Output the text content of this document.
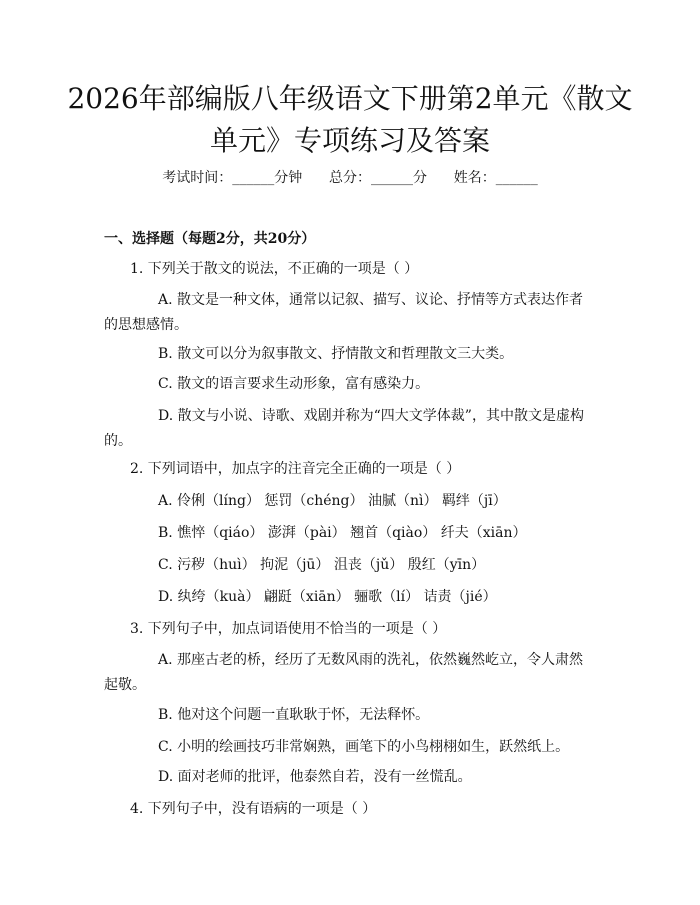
2026年部编版八年级语文下册第2单元《散文单元》专项练习及答案
考试时间：______分钟      总分：______分      姓名：______
一、选择题（每题2分，共20分）
1. 下列关于散文的说法，不正确的一项是（ ）
A. 散文是一种文体，通常以记叙、描写、议论、抒情等方式表达作者的思想感情。
B. 散文可以分为叙事散文、抒情散文和哲理散文三大类。
C. 散文的语言要求生动形象，富有感染力。
D. 散文与小说、诗歌、戏剧并称为“四大文学体裁”，其中散文是虚构的。
2. 下列词语中，加点字的注音完全正确的一项是（ ）
A. 伶俐（líng） 惩罚（chéng） 油腻（nì） 羁绊（jī）
B. 憔悴（qiáo） 澎湃（pài） 翘首（qiào） 纤夫（xiān）
C. 污秽（huì） 拘泥（jū） 沮丧（jǔ） 殷红（yīn）
D. 纨绔（kuà） 翩跹（xiān） 骊歌（lí） 诘责（jié）
3. 下列句子中，加点词语使用不恰当的一项是（ ）
A. 那座古老的桥，经历了无数风雨的洗礼，依然巍然屹立，令人肃然起敬。
B. 他对这个问题一直耿耿于怀，无法释怀。
C. 小明的绘画技巧非常娴熟，画笔下的小鸟栩栩如生，跃然纸上。
D. 面对老师的批评，他泰然自若，没有一丝慌乱。
4. 下列句子中，没有语病的一项是（ ）
